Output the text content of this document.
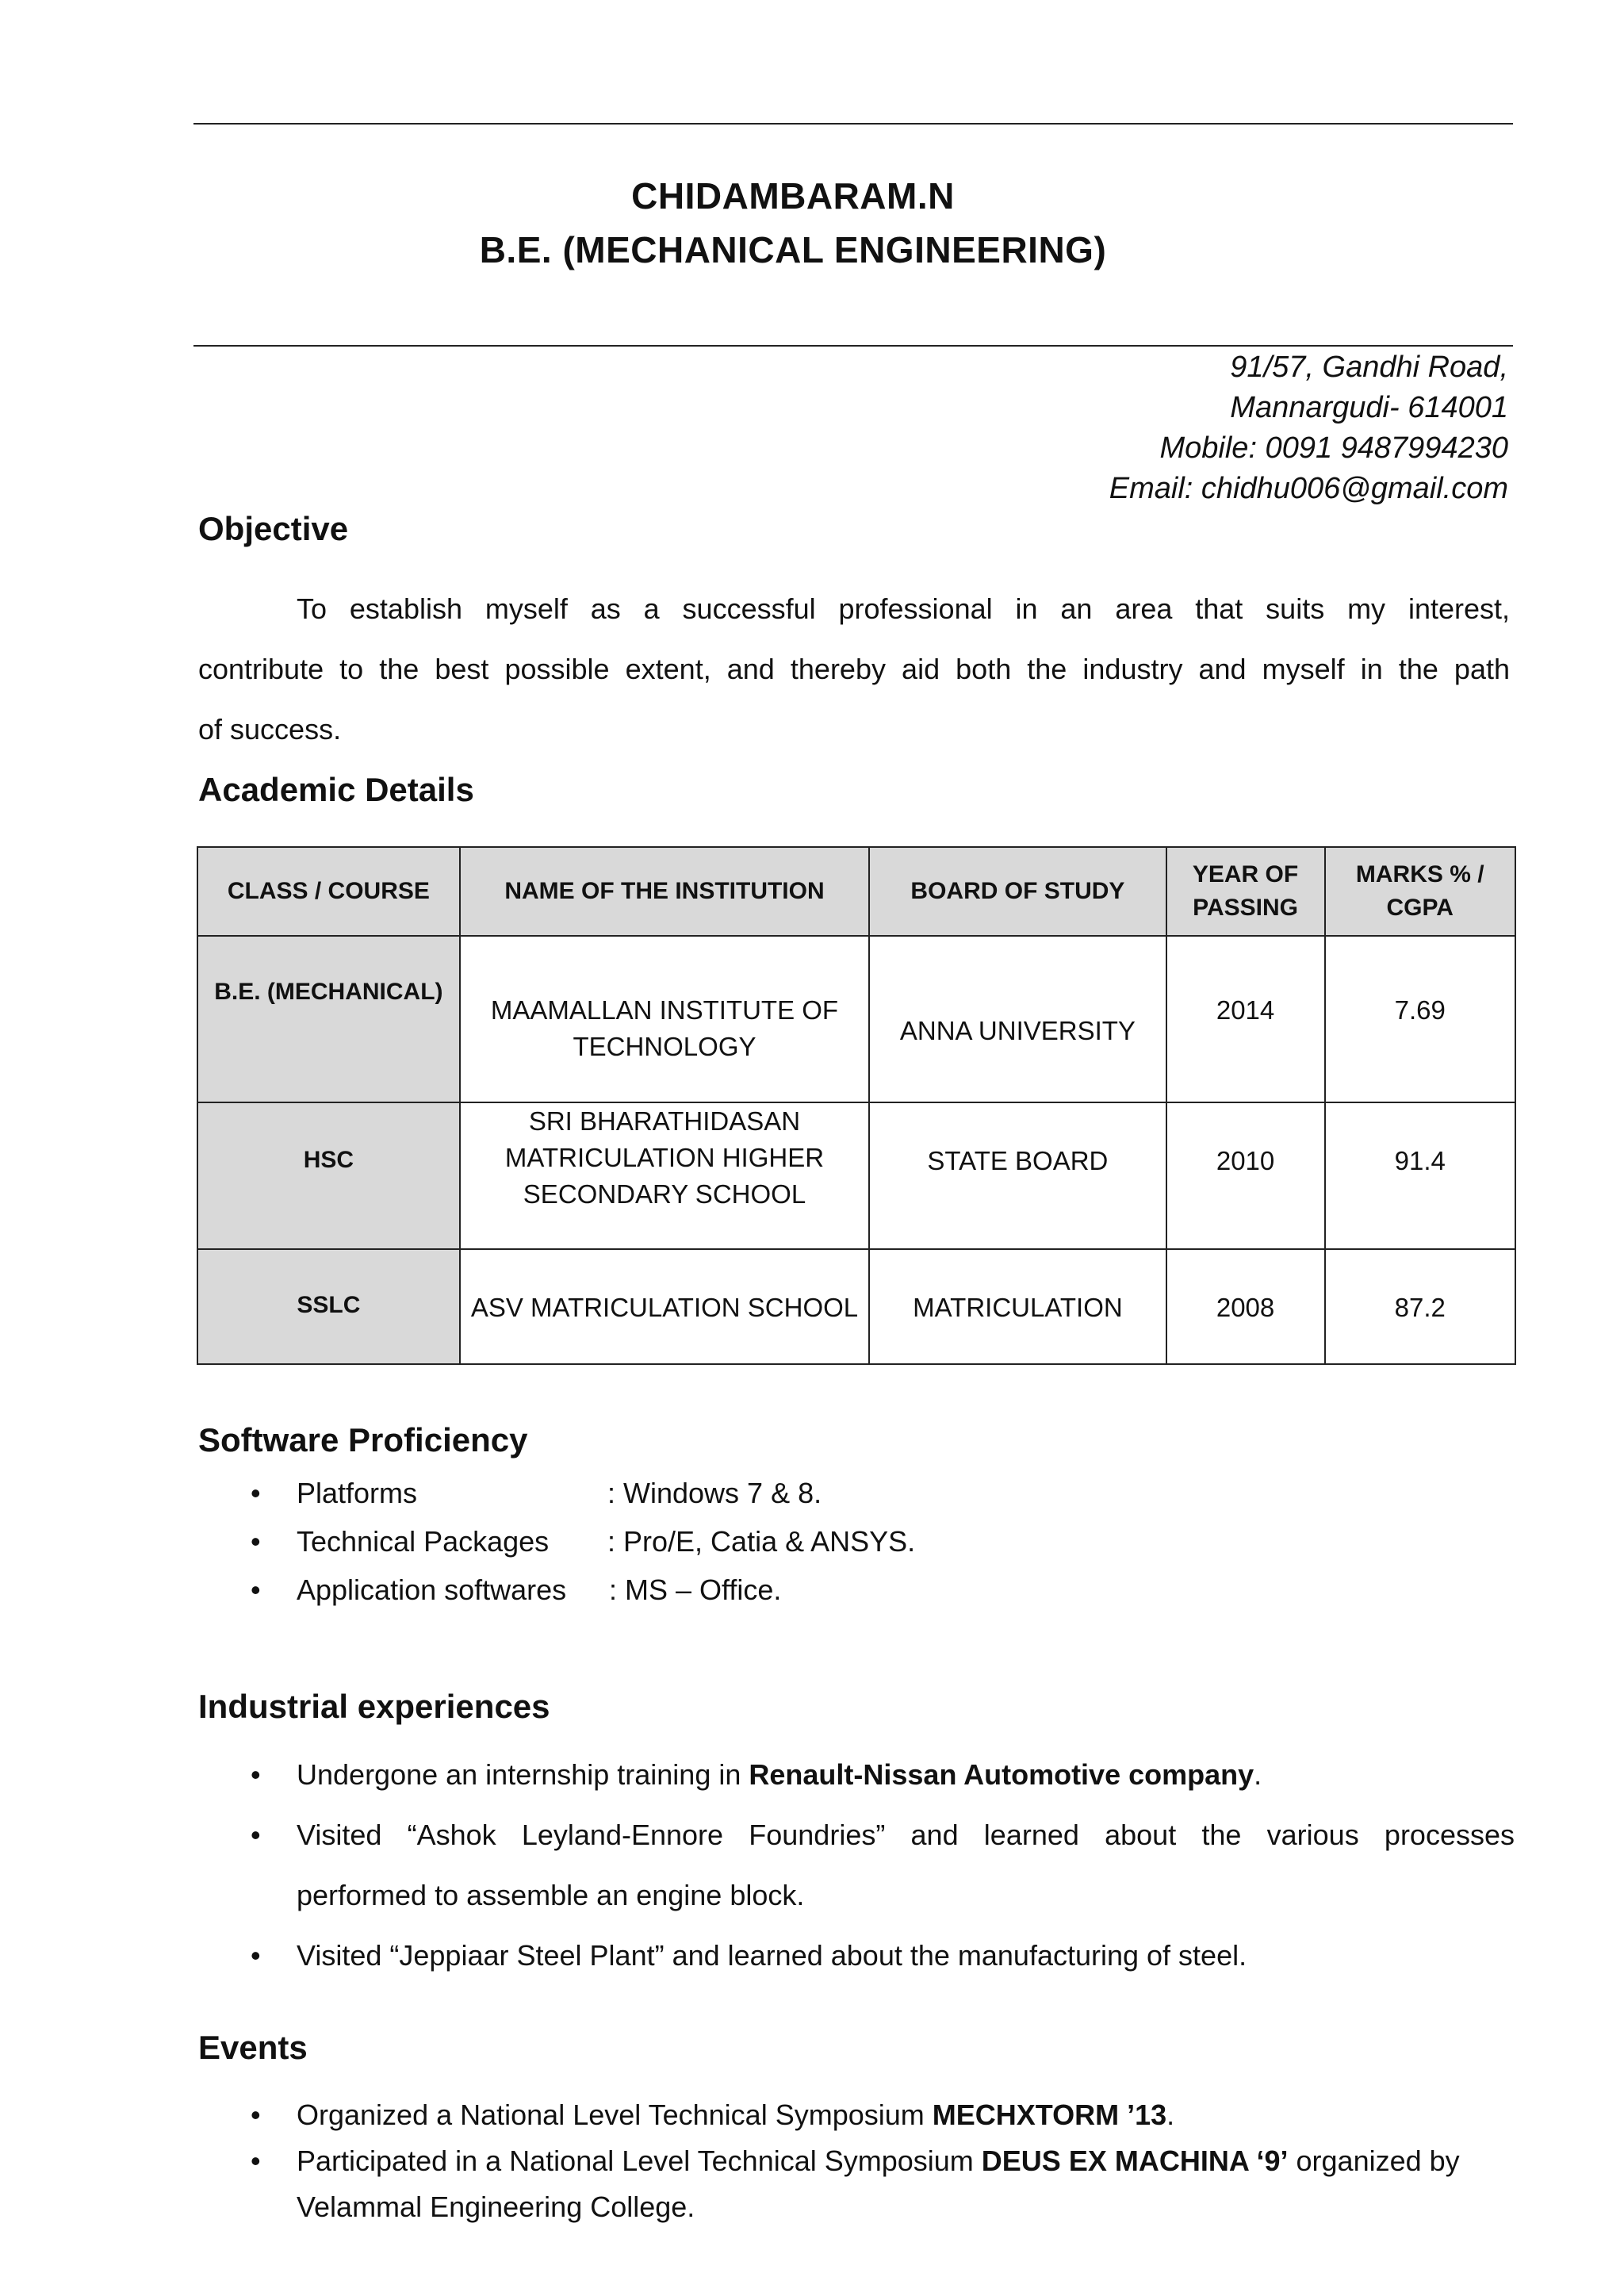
CHIDAMBARAM.N
B.E. (MECHANICAL ENGINEERING)
91/57, Gandhi Road,
Mannargudi- 614001
Mobile: 0091 9487994230
Email: chidhu006@gmail.com
Objective
To establish myself as a successful professional in an area that suits my interest,
contribute to the best possible extent, and thereby aid both the industry and myself in the path
of success.
Academic Details
CLASS / COURSE	NAME OF THE INSTITUTION	BOARD OF STUDY	YEAR OF PASSING	MARKS % / CGPA
B.E. (MECHANICAL)	MAAMALLAN INSTITUTE OF TECHNOLOGY	ANNA UNIVERSITY	2014	7.69
HSC	SRI BHARATHIDASAN MATRICULATION HIGHER SECONDARY SCHOOL	STATE BOARD	2010	91.4
SSLC	ASV MATRICULATION SCHOOL	MATRICULATION	2008	87.2
Software Proficiency
• Platforms	: Windows 7 & 8.
• Technical Packages : Pro/E, Catia & ANSYS.
• Application softwares : MS – Office.
Industrial experiences
• Undergone an internship training in Renault-Nissan Automotive company.
• Visited “Ashok Leyland-Ennore Foundries” and learned about the various processes
performed to assemble an engine block.
• Visited “Jeppiaar Steel Plant” and learned about the manufacturing of steel.
Events
• Organized a National Level Technical Symposium MECHXTORM ’13.
• Participated in a National Level Technical Symposium DEUS EX MACHINA ‘9’ organized by
Velammal Engineering College.
